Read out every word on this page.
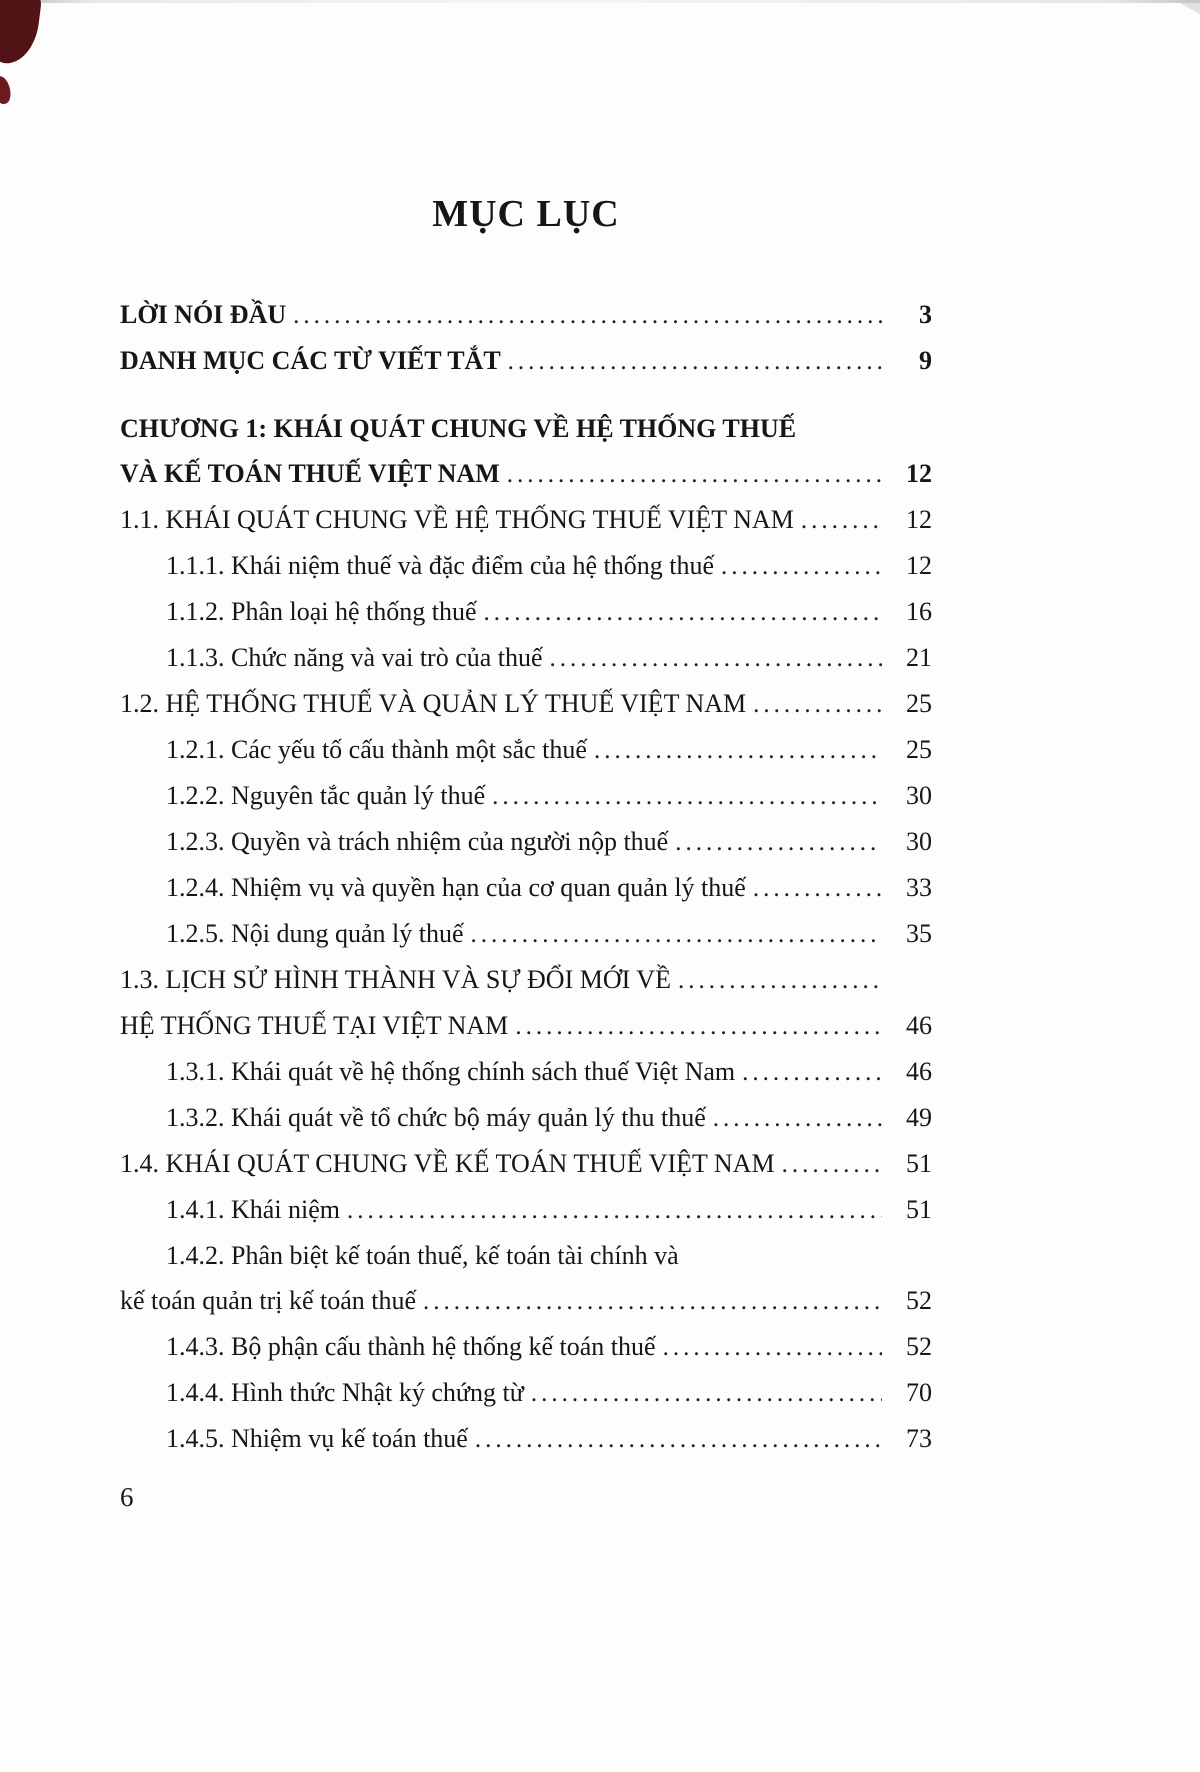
MỤC LỤC
LỜI NÓI ĐẦU .....	3
DANH MỤC CÁC TỪ VIẾT TẮT .....	9
CHƯƠNG 1: KHÁI QUÁT CHUNG VỀ HỆ THỐNG THUẾ
VÀ KẾ TOÁN THUẾ VIỆT NAM .....	12
1.1. KHÁI QUÁT CHUNG VỀ HỆ THỐNG THUẾ VIỆT NAM .....	12
1.1.1. Khái niệm thuế và đặc điểm của hệ thống thuế .....	12
1.1.2. Phân loại hệ thống thuế .....	16
1.1.3. Chức năng và vai trò của thuế .....	21
1.2. HỆ THỐNG THUẾ VÀ QUẢN LÝ THUẾ VIỆT NAM .....	25
1.2.1. Các yếu tố cấu thành một sắc thuế .....	25
1.2.2. Nguyên tắc quản lý thuế .....	30
1.2.3. Quyền và trách nhiệm của người nộp thuế .....	30
1.2.4. Nhiệm vụ và quyền hạn của cơ quan quản lý thuế .....	33
1.2.5. Nội dung quản lý thuế .....	35
1.3. LỊCH SỬ HÌNH THÀNH VÀ SỰ ĐỔI MỚI VỀ
.....
HỆ THỐNG THUẾ TẠI VIỆT NAM .....	46
1.3.1. Khái quát về hệ thống chính sách thuế Việt Nam .....	46
1.3.2. Khái quát về tổ chức bộ máy quản lý thu thuế .....	49
1.4. KHÁI QUÁT CHUNG VỀ KẾ TOÁN THUẾ VIỆT NAM .....	51
1.4.1. Khái niệm .....	51
1.4.2. Phân biệt kế toán thuế, kế toán tài chính và
kế toán quản trị kế toán thuế .....	52
1.4.3. Bộ phận cấu thành hệ thống kế toán thuế .....	52
1.4.4. Hình thức Nhật ký chứng từ .....	70
1.4.5. Nhiệm vụ kế toán thuế .....	73
6
